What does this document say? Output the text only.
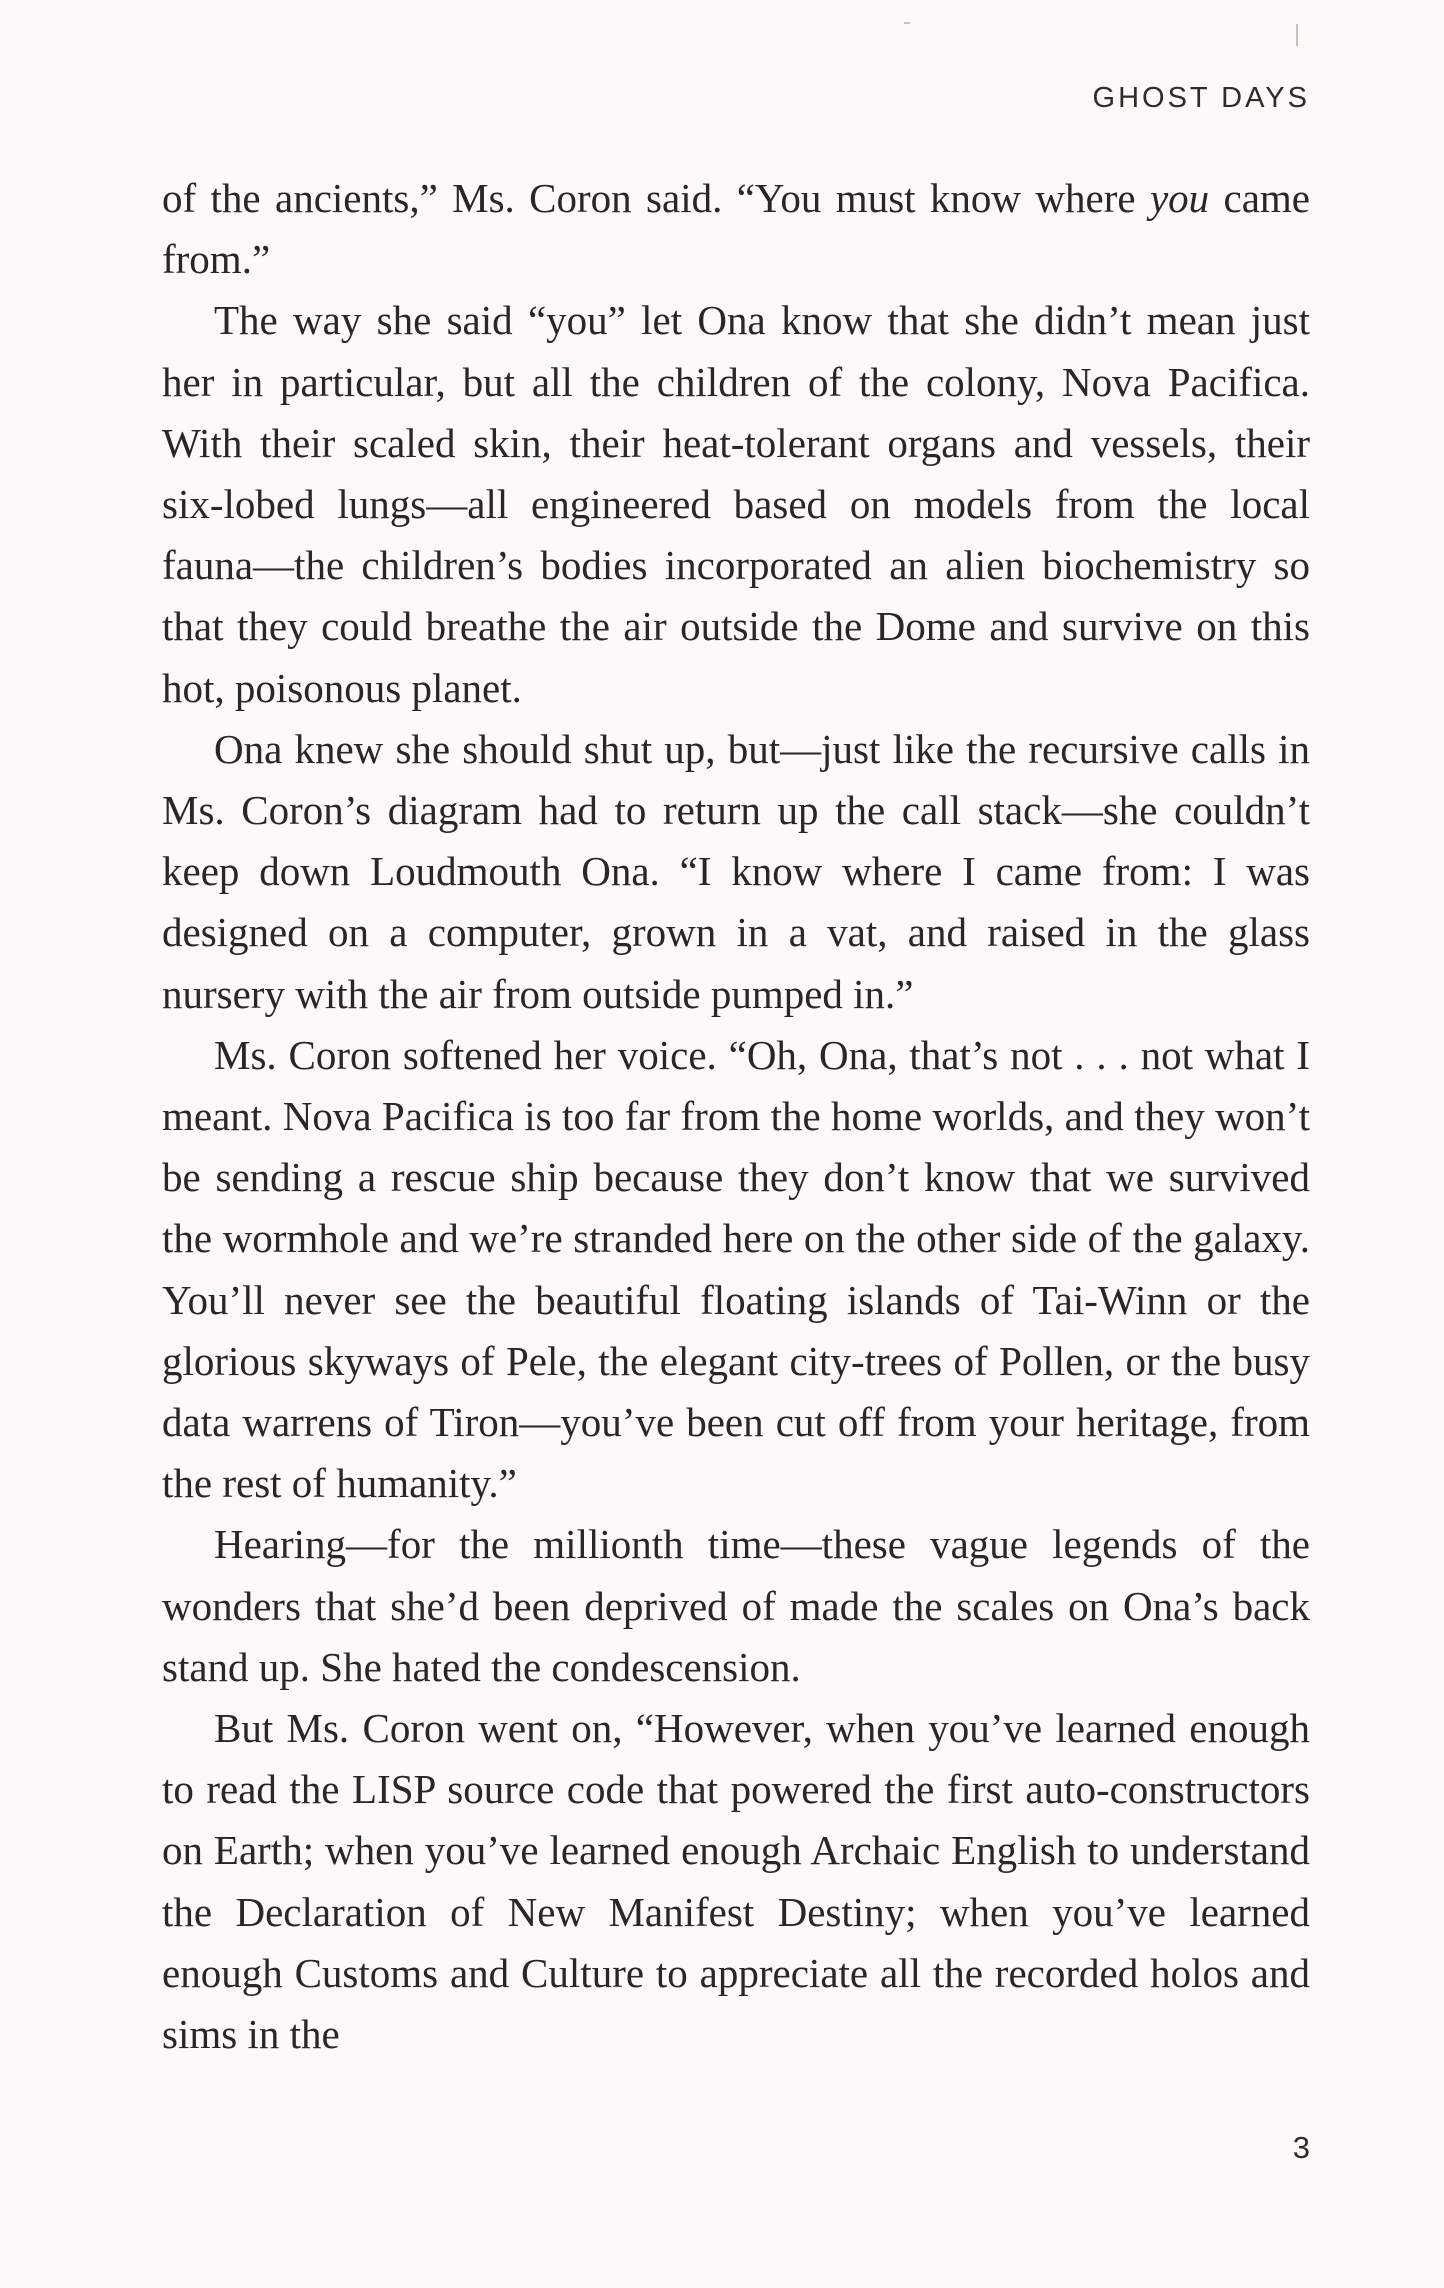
GHOST DAYS

of the ancients,” Ms. Coron said. “You must know where you came from.”

The way she said “you” let Ona know that she didn’t mean just her in particular, but all the children of the colony, Nova Pacifica. With their scaled skin, their heat-tolerant organs and vessels, their six-lobed lungs—all engineered based on models from the local fauna—the children’s bodies incorporated an alien biochemistry so that they could breathe the air outside the Dome and survive on this hot, poisonous planet.

Ona knew she should shut up, but—just like the recursive calls in Ms. Coron’s diagram had to return up the call stack—she couldn’t keep down Loudmouth Ona. “I know where I came from: I was designed on a computer, grown in a vat, and raised in the glass nursery with the air from outside pumped in.”

Ms. Coron softened her voice. “Oh, Ona, that’s not . . . not what I meant. Nova Pacifica is too far from the home worlds, and they won’t be sending a rescue ship because they don’t know that we survived the wormhole and we’re stranded here on the other side of the galaxy. You’ll never see the beautiful floating islands of Tai-Winn or the glorious skyways of Pele, the elegant city-trees of Pollen, or the busy data warrens of Tiron—you’ve been cut off from your heritage, from the rest of humanity.”

Hearing—for the millionth time—these vague legends of the wonders that she’d been deprived of made the scales on Ona’s back stand up. She hated the condescension.

But Ms. Coron went on, “However, when you’ve learned enough to read the LISP source code that powered the first auto-constructors on Earth; when you’ve learned enough Archaic English to understand the Declaration of New Manifest Destiny; when you’ve learned enough Customs and Culture to appreciate all the recorded holos and sims in the

3
